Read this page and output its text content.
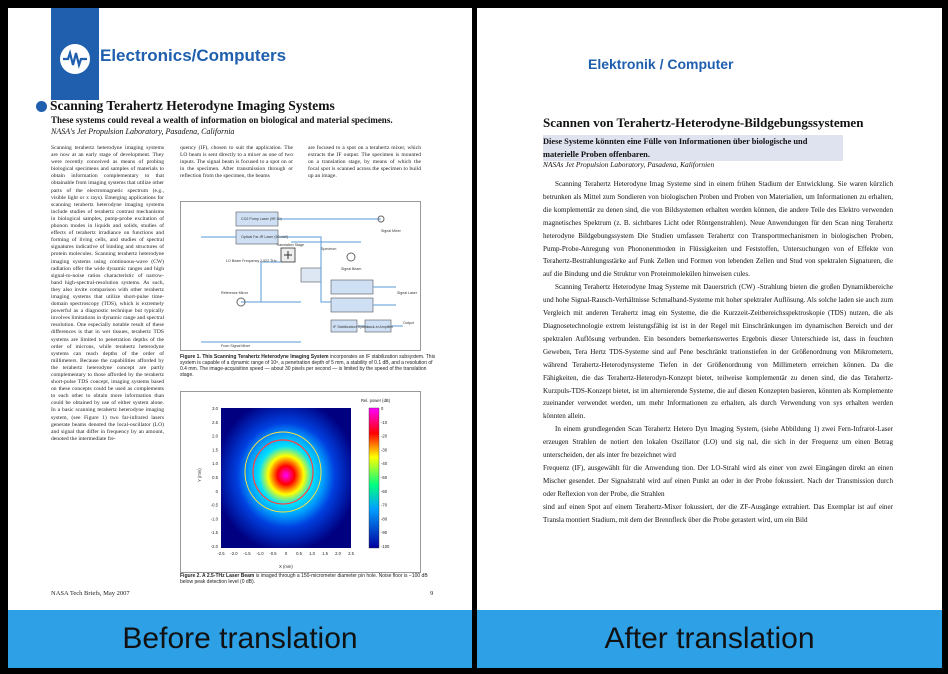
Electronics/Computers
Scanning Terahertz Heterodyne Imaging Systems
These systems could reveal a wealth of information on biological and material specimens.
NASA's Jet Propulsion Laboratory, Pasadena, California
Scanning terahertz heterodyne imaging systems are now at an early stage of development. They were recently conceived as means of probing biological specimens and samples of materials to obtain information complementary to that obtainable from imaging systems that utilize other parts of the electromagnetic spectrum (e.g., visible light or x rays). Emerging applications for scanning terahertz heterodyne imaging systems include studies of terahertz contrast mechanisms in biological samples, pump-probe excitation of phonon modes in liquids and solids, studies of effects of terahertz irradiance on functions and forming of living cells, and studies of spectral signatures indicative of binding and structures of protein molecules. Scanning terahertz heterodyne imaging systems using continuous-wave (CW) radiation offer the wide dynamic ranges and high signal-to-noise ratios characteristic of narrow-band high-spectral-resolution systems. As such, they also invite comparison with other terahertz imaging systems that utilize short-pulse time-domain spectroscopy (TDS), which is extremely powerful as a diagnostic technique but typically involves limitations in dynamic range and spectral resolution. One especially notable result of these differences is that in wet tissues, terahertz TDS systems are limited to penetration depths of the order of microns, while terahertz heterodyne systems can reach depths of the order of millimeters. Because the capabilities afforded by the terahertz heterodyne concept are partly complementary to those afforded by the terahertz short-pulse TDS concept, imaging systems based on these concepts could be used as complements to each other to obtain more information than could be obtained by use of either system alone. In a basic scanning terahertz heterodyne imaging system, (see Figure 1) two far-infrared lasers generate beams denoted the local-oscillator (LO) and signal that differ in frequency by an amount, denoted the intermediate fre-
quency (IF), chosen to suit the application. The LO beam is sent directly to a mixer as one of two inputs. The signal beam is focused to a spot on or in the specimen. After transmission through or reflection from the specimen, the beams
are focused to a spot on a terahertz mixer, which extracts the IF output. The specimen is mounted on a translation stage, by means of which the focal spot is scanned across the specimen to build up an image.
CO2 Pump Laser (9R 10)
Optical Far-IR Laser (50 mW)
LO Beam Frequency 2.522 THz
Translation Stage
Spectrum
Signal Beam
Reference Mirror
IF Stabilization System
Lock-in Amplifier
Signal Mixer
Signal Laser
Output
From Signal Mixer
Figure 1. This Scanning Terahertz Heterodyne Imaging System incorporates an IF stabilization subsystem. This system is capable of a dynamic range of 10⁸, a penetration depth of 5 mm, a stability of 0.1 dB, and a resolution of 0.4 mm. The image-acquisition speed — about 30 pixels per second — is limited by the speed of the translation stage.
Rel. power (dB)
0
-10
-20
-30
-40
-50
-60
-70
-80
-90
-100
-2.5 -2.0 -1.5 -1.0 -0.5 0 0.5 1.0 1.5 2.0 2.5
3.0
2.5
2.0
1.5
1.0
0.5
0
-0.5
-1.0
-1.5
-2.0
X (mm)
Y (mm)
Figure 2. A 2.5-THz Laser Beam is imaged through a 150-micrometer diameter pin hole. Noise floor is −100 dB below peak detection level (0 dB).
NASA Tech Briefs, May 2007	9
Elektronik / Computer
Scannen von Terahertz-Heterodyne-Bildgebungssystemen
Diese Systeme könnten eine Fülle von Informationen über biologische und materielle Proben offenbaren.
NASAs Jet Propulsion Laboratory, Pasadena, Kalifornien

Scanning Terahertz Heterodyne Imag Systeme sind in einem frühen Stadium der Entwicklung. Sie waren kürzlich betrunken als Mittel zum Sondieren von biologischen Proben und Proben von Materialien, um Informationen zu erhalten, die komplementär zu denen sind, die von Bildsystemen erhalten werden können, die andere Teile des Elektro verwenden magnetisches Spektrum (z. B. sichtbares Licht oder Röntgenstrahlen). Neue Anwendungen für den Scan ning Terahertz heterodyne Bildgebungssystem Die Studien umfassen Terahertz con Transportmechanismen in biologischen Proben, Pump-Probe-Anregung von Phononenmoden in Flüssigkeiten und Feststoffen, Untersuchungen von ef Effekte von Terahertz-Bestrahlungsstärke auf Funk Zellen und Formen von lebenden Zellen und Stud von spektralen Signaturen, die auf die Bindung und die Struktur von Proteinmolekülen hinweisen cules.

Scanning Terahertz Heterodyne Imag Systeme mit Dauerstrich (CW) -Strahlung bieten die großen Dynamikbereiche und hohe Signal-Rausch-Verhältnisse Schmalband-Systeme mit hoher spektraler Auflösung. Als solche laden sie auch zum Vergleich mit anderen Terahertz imag ein Systeme, die die Kurzzeit-Zeitbereichsspektroskopie (TDS) nutzen, die als Diagnosetechnologie extrem leistungsfähig ist ist in der Regel mit Einschränkungen im dynamischen Bereich und der spektralen Auflösung verbunden. Ein besonders bemerkenswertes Ergebnis dieser Unterschiede ist, dass in feuchten Geweben, Tera Hertz TDS-Systeme sind auf Pene beschränkt trationstiefen in der Größenordnung von Mikrometern, während Terahertz-Heterodynsysteme Tiefen in der Größenordnung von Millimetern erreichen können. Da die Fähigkeiten, die das Terahertz-Heterodyn-Konzept bietet, teilweise komplementär zu denen sind, die das Terahertz-Kurzpuls-TDS-Konzept bietet, ist im alternierende Systeme, die auf diesen Konzepten basieren, könnten als Komplemente zueinander verwendet werden, um mehr Informationen zu erhalten, als durch Verwendung von sys erhalten werden könnten allein.

In einem grundlegenden Scan Terahertz Hetero Dyn Imaging System, (siehe Abbildung 1) zwei Fern-Infrarot-Laser erzeugen Strahlen de notiert den lokalen Oszillator (LO) und sig nal, die sich in der Frequenz um einen Betrag unterscheiden, der als inter fre bezeichnet wird

Frequenz (IF), ausgewählt für die Anwendung tion. Der LO-Strahl wird als einer von zwei Eingängen direkt an einen Mischer gesendet. Der Signalstrahl wird auf einen Punkt an oder in der Probe fokussiert. Nach der Transmission durch oder Reflexion von der Probe, die Strahlen

sind auf einen Spot auf einem Terahertz-Mixer fokussiert, der die ZF-Ausgänge extrahiert. Das Exemplar ist auf einer Transla montiert Stadium, mit dem der Brennfleck über die Probe gerastert wird, um ein Bild

Before translation	After translation
